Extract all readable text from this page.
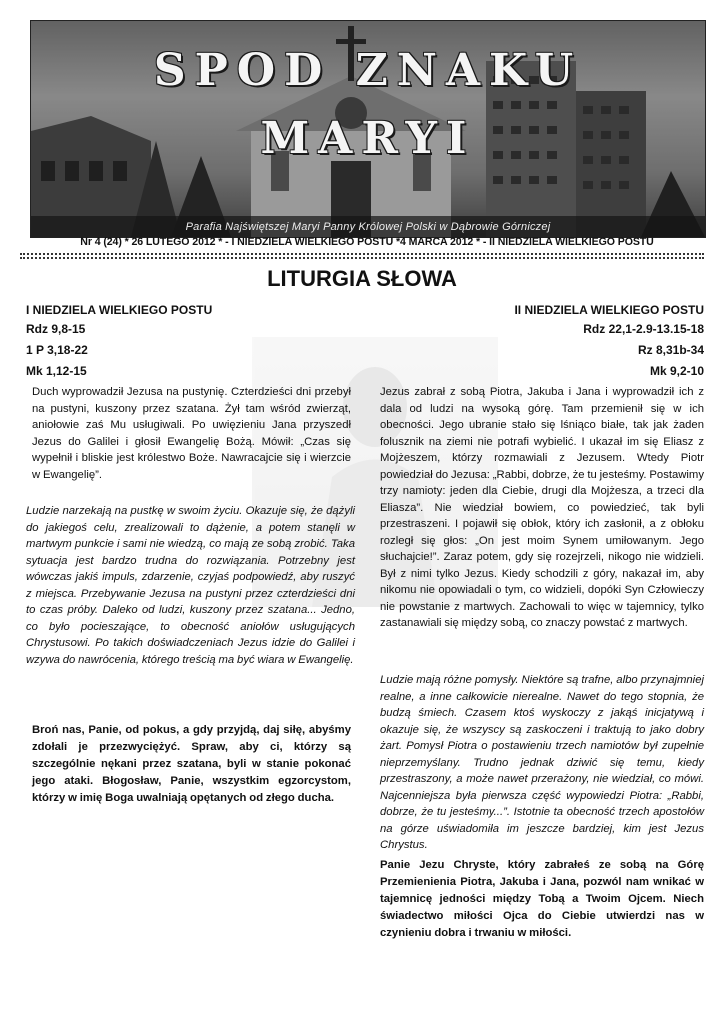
SPOD ZNAKU
MARYI
Parafia Najświętszej Maryi Panny Królowej Polski w Dąbrowie Górniczej
Nr 4 (24) * 26 LUTEGO 2012 * - I NIEDZIELA WIELKIEGO POSTU *4 MARCA 2012 * - II NIEDZIELA WIELKIEGO POSTU
LITURGIA SŁOWA
I NIEDZIELA WIELKIEGO POSTU
Rdz 9,8-15
1 P 3,18-22
Mk 1,12-15
II NIEDZIELA WIELKIEGO POSTU
Rdz 22,1-2.9-13.15-18
Rz 8,31b-34
Mk 9,2-10

Duch wyprowadził Jezusa na pustynię. Czterdzieści dni przebył na pustyni, kuszony przez szatana. Żył tam wśród zwierząt, aniołowie zaś Mu usługiwali. Po uwięzieniu Jana przyszedł Jezus do Galilei i głosił Ewangelię Bożą. Mówił: „Czas się wypełnił i bliskie jest królestwo Boże. Nawracajcie się i wierzcie w Ewangelię”.

Ludzie narzekają na pustkę w swoim życiu. Okazuje się, że dążyli do jakiegoś celu, zrealizowali to dążenie, a potem stanęli w martwym punkcie i sami nie wiedzą, co mają ze sobą zrobić. Taka sytuacja jest bardzo trudna do rozwiązania. Potrzebny jest wówczas jakiś impuls, zdarzenie, czyjaś podpowiedź, aby ruszyć z miejsca. Przebywanie Jezusa na pustyni przez czterdzieści dni to czas próby. Daleko od ludzi, kuszony przez szatana... Jedno, co było pocieszające, to obecność aniołów usługujących Chrystusowi. Po takich doświadczeniach Jezus idzie do Galilei i wzywa do nawrócenia, którego treścią ma być wiara w Ewangelię.

Broń nas, Panie, od pokus, a gdy przyjdą, daj siłę, abyśmy zdołali je przezwyciężyć. Spraw, aby ci, którzy są szczególnie nękani przez szatana, byli w stanie pokonać jego ataki. Błogosław, Panie, wszystkim egzorcystom, którzy w imię Boga uwalniają opętanych od złego ducha.

Jezus zabrał z sobą Piotra, Jakuba i Jana i wyprowadził ich z dala od ludzi na wysoką górę. Tam przemienił się w ich obecności. Jego ubranie stało się lśniąco białe, tak jak żaden folusznik na ziemi nie potrafi wybielić. I ukazał im się Eliasz z Mojżeszem, którzy rozmawiali z Jezusem. Wtedy Piotr powiedział do Jezusa: „Rabbi, dobrze, że tu jesteśmy. Postawimy trzy namioty: jeden dla Ciebie, drugi dla Mojżesza, a trzeci dla Eliasza”. Nie wiedział bowiem, co powiedzieć, tak byli przestraszeni. I pojawił się obłok, który ich zasłonił, a z obłoku rozległ się głos: „On jest moim Synem umiłowanym. Jego słuchajcie!”. Zaraz potem, gdy się rozejrzeli, nikogo nie widzieli. Był z nimi tylko Jezus. Kiedy schodzili z góry, nakazał im, aby nikomu nie opowiadali o tym, co widzieli, dopóki Syn Człowieczy nie powstanie z martwych. Zachowali to więc w tajemnicy, tylko zastanawiali się między sobą, co znaczy powstać z martwych.

Ludzie mają różne pomysły. Niektóre są trafne, albo przynajmniej realne, a inne całkowicie nierealne. Nawet do tego stopnia, że budzą śmiech. Czasem ktoś wyskoczy z jakąś inicjatywą i okazuje się, że wszyscy są zaskoczeni i traktują to jako dobry żart. Pomysł Piotra o postawieniu trzech namiotów był zupełnie nieprzemyślany. Trudno jednak dziwić się temu, kiedy przestraszony, a może nawet przerażony, nie wiedział, co mówi. Najcenniejsza była pierwsza część wypowiedzi Piotra: „Rabbi, dobrze, że tu jesteśmy...”. Istotnie ta obecność trzech apostołów na górze uświadomiła im jeszcze bardziej, kim jest Jezus Chrystus.

Panie Jezu Chryste, który zabrałeś ze sobą na Górę Przemienienia Piotra, Jakuba i Jana, pozwól nam wnikać w tajemnicę jedności między Tobą a Twoim Ojcem. Niech świadectwo miłości Ojca do Ciebie utwierdzi nas w czynieniu dobra i trwaniu w miłości.
